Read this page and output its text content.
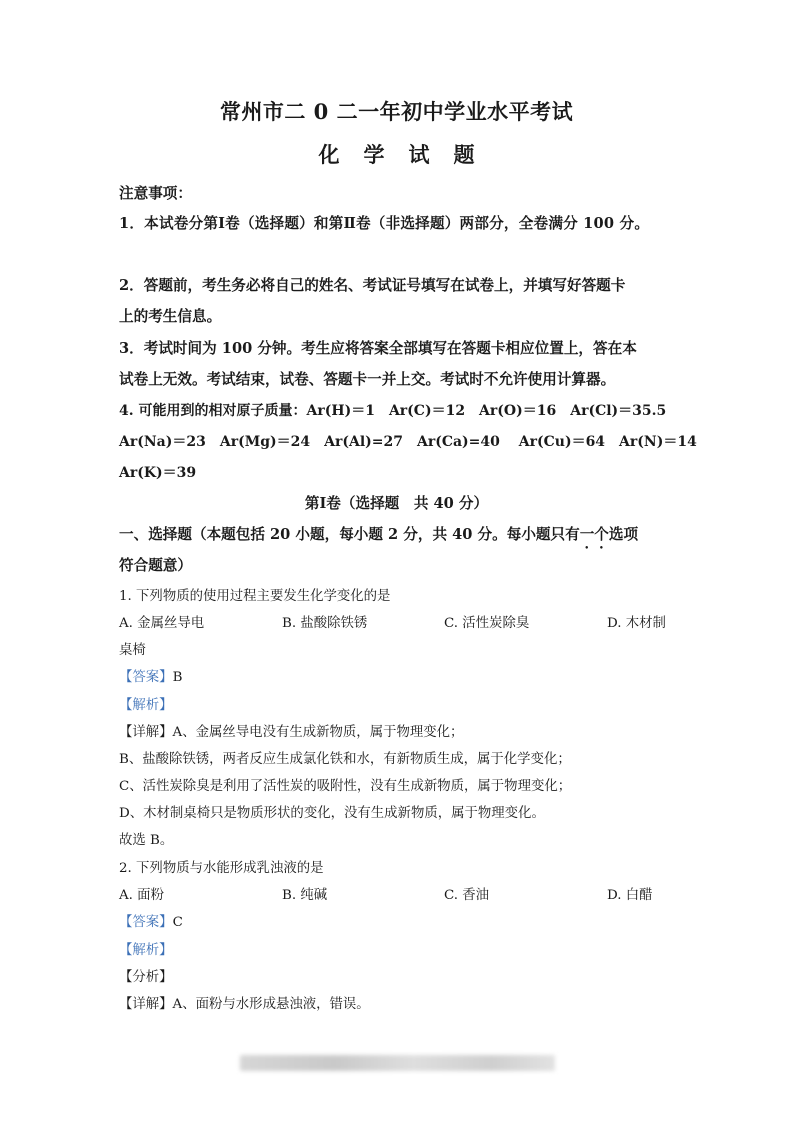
常州市二 0 二一年初中学业水平考试
化学试题
注意事项：
1．本试卷分第Ⅰ卷（选择题）和第Ⅱ卷（非选择题）两部分，全卷满分 100 分。
2．答题前，考生务必将自己的姓名、考试证号填写在试卷上，并填写好答题卡
上的考生信息。
3．考试时间为 100 分钟。考生应将答案全部填写在答题卡相应位置上，答在本
试卷上无效。考试结束，试卷、答题卡一并上交。考试时不允许使用计算器。
4. 可能用到的相对原子质量：Ar(H)＝1　Ar(C)＝12　Ar(O)＝16　Ar(Cl)＝35.5
Ar(Na)＝23　Ar(Mg)＝24　Ar(Al)=27　Ar(Ca)=40　 Ar(Cu)＝64　Ar(N)＝14
Ar(K)＝39
第Ⅰ卷（选择题　共 40 分）
一、选择题（本题包括 20 小题，每小题 2 分，共 40 分。每小题只有一个选项
符合题意）
1. 下列物质的使用过程主要发生化学变化的是
A. 金属丝导电	B. 盐酸除铁锈	C. 活性炭除臭	D. 木材制
桌椅
【答案】B
【解析】
【详解】A、金属丝导电没有生成新物质，属于物理变化；
B、盐酸除铁锈，两者反应生成氯化铁和水，有新物质生成，属于化学变化；
C、活性炭除臭是利用了活性炭的吸附性，没有生成新物质，属于物理变化；
D、木材制桌椅只是物质形状的变化，没有生成新物质，属于物理变化。
故选 B。
2. 下列物质与水能形成乳浊液的是
A. 面粉	B. 纯碱	C. 香油	D. 白醋
【答案】C
【解析】
【分析】
【详解】A、面粉与水形成悬浊液，错误。
